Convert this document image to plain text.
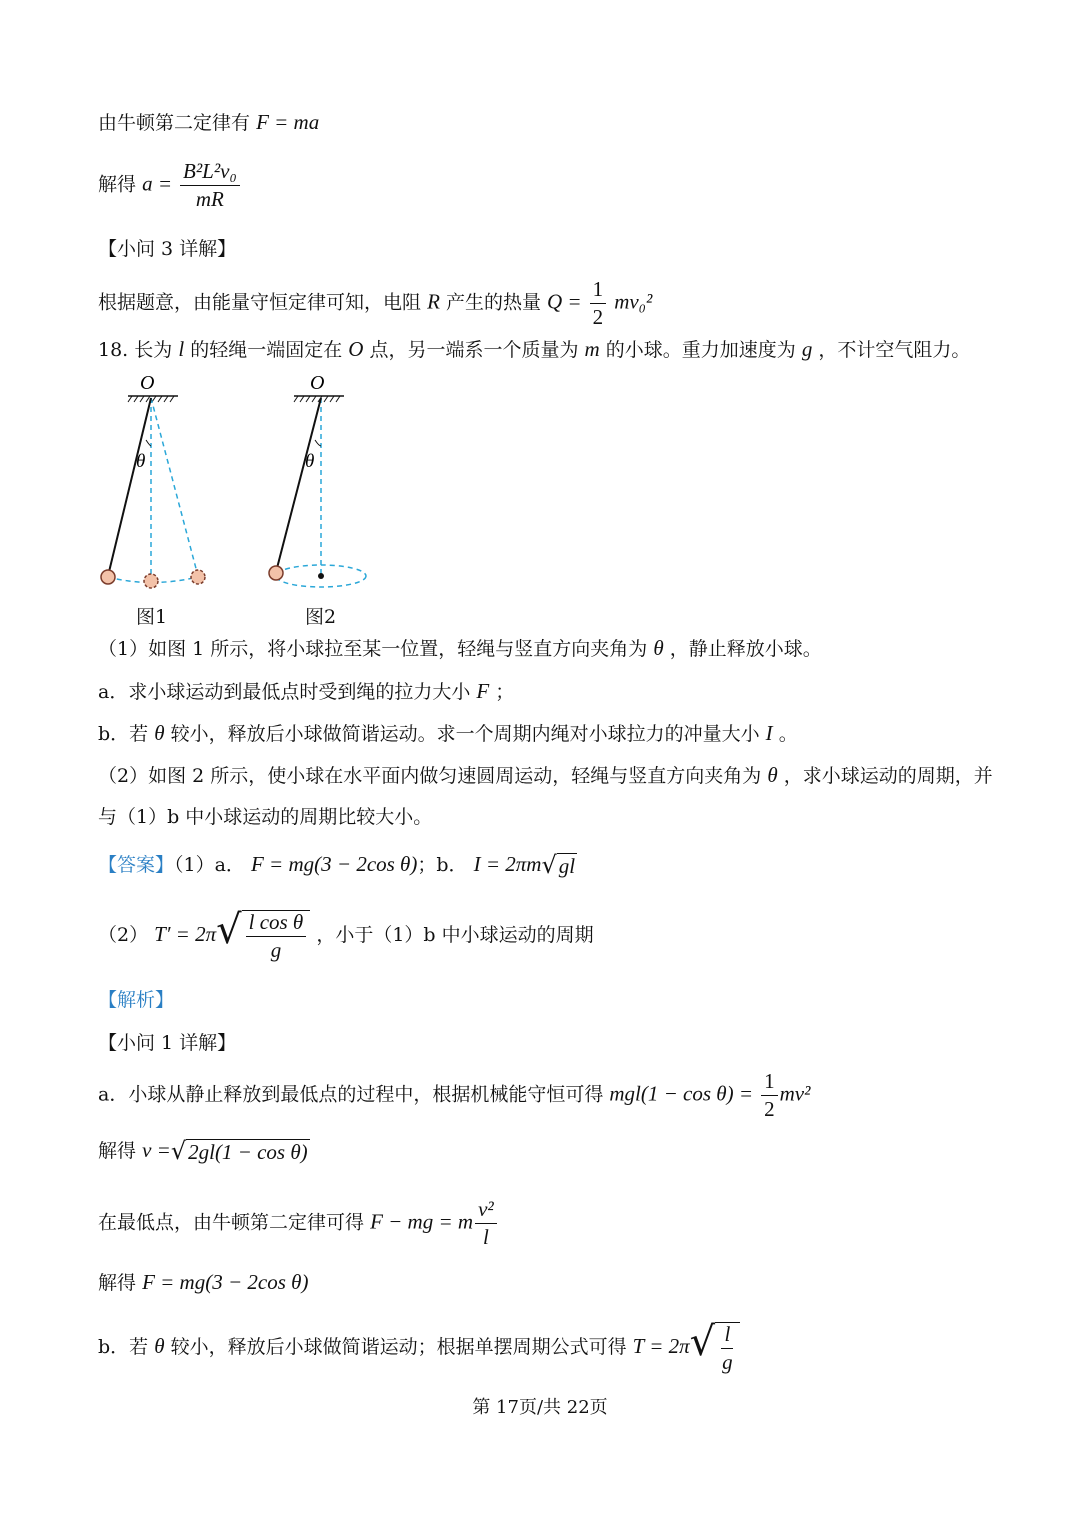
由牛顿第二定律有 F = ma
解得 $a = \frac{\text{B²L²v₀}}{mR}$
【小问 3 详解】
根据题意，由能量守恒定律可知，电阻 R 产生的热量 $Q = \frac{1}{2} mv_0^2$
18. 长为 l 的轻绳一端固定在 O 点，另一端系一个质量为 m 的小球。重力加速度为 g ，不计空气阻力。
O
θ
O
θ
图1	图2
（1）如图 1 所示，将小球拉至某一位置，轻绳与竖直方向夹角为 θ ，静止释放小球。
a．求小球运动到最低点时受到绳的拉力大小 F ；
b．若 θ 较小，释放后小球做简谐运动。求一个周期内绳对小球拉力的冲量大小 I 。
（2）如图 2 所示，使小球在水平面内做匀速圆周运动，轻绳与竖直方向夹角为 θ ，求小球运动的周期，并
与（1）b 中小球运动的周期比较大小。
【答案】（1）a． F = mg(3 − 2cos θ)；b． I = 2πm √ gl
（2） T′ = 2π √ $\frac{\text{l cos θ}}{g}$ ，小于（1）b 中小球运动的周期
【解析】
【小问 1 详解】
a．小球从静止释放到最低点的过程中，根据机械能守恒可得 $mgl(1 - \cos \theta) = \frac{1}{2} mv^2$
解得 v = √ 2gl(1 − cos θ)
在最低点，由牛顿第二定律可得 F − mg = m $\frac{\text{v²}}{l}$
解得 F = mg(3 − 2cos θ)
b．若 θ 较小，释放后小球做简谐运动；根据单摆周期公式可得 T = 2π √ $\frac{l}{g}$
第 17页/共 22页
